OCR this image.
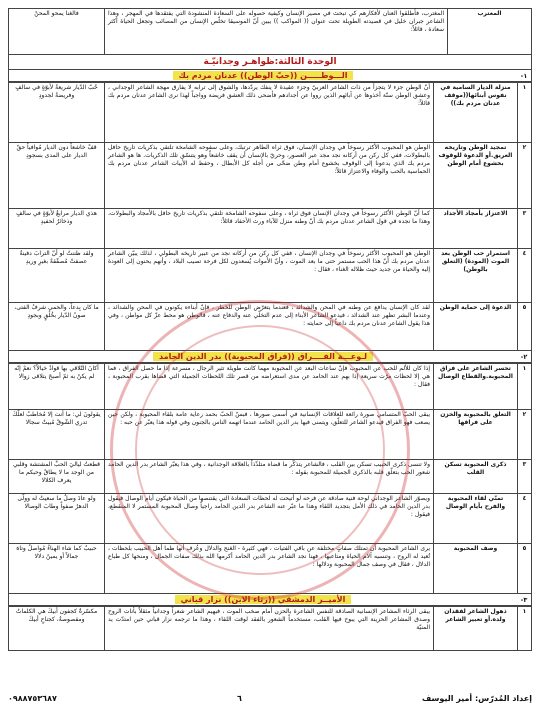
المغترب	المغترب، فأطلقوا العنان لأفكارهم كي تبحث في مصير الإنسان وكيفية حصوله على السعادة المنشودة التي يفتقدها في المهجر ، وهذا الشاعر جبران خليل في قصيدته الطويلة تحت عنوان (( المواكب )) يبين أنّ الموسيقا تخلّص الإنسان من المصائب وتجعل الحياة أكثر سعادة ، قائلاً:	فالغنا يمحو المحنْ
الوحدة الثالثة:ظواهـر وجدانيّـة
١-
الـــوطـــــن ((حبّ الوطن)) عدنان مردم بك
١	منزلة الديار السامية في نفوس أبنائها((موقف عدنان مردم بك))	أنّ الوطن جزء لا يتجزأ من ذات الشاعر العربيّ وجزء عقيدة لا ينفك يردّدها، والشوق إلى ترابه لا يفارق مهجة الشاعر الوجداني ، وعشق الوطن سنّة أخذوها عن آبائهم الذين رووا عن أجدادهم فأضحى ذلك العشق فريضة وواجباً لهذا نرى الشاعر عدنان مردم بك قائلاً:	حُبّ الدّيار شريعةٌ لأبوّةٍ في سالفٍ وفريضةٌ لجدودِ
٢	تمجيد الوطن وتاريخه العريق.أو الدعوة للوقوف بخشوع أمام الوطن	الوطن هو المحبوب الأكثر رسوخاً في وجدان الإنسان، فوق ثراه الطاهر ترتبك، وعلى سفوحه الشامخة تلتقي بذكريات تاريخ حافل بالبطولات، ففي كل ركن من أركانه نجد مجد عبر العصور، وحريّ بالإنسان أن يقف خاشعاً وهو يتنسّق تلك الذكريات. ها هو الشاعر مردم بك الذي يدعونا إلى الوقوف بخشوع أمام وطن ضحّى من أجله كل الأبطال ، وحفظ له الأبيات الشاعر عدنان مردم بك الحماسية بالحب والوفاء والاعتزاز قائلاً:	قفْ خاشعاً دون الديار مُوافياً حقّ الديار على المدى بسجودِ
٣	الاعتزاز بأمجاد الأجداد	كما أنّ الوطن الأكثر رسوخاً في وجدان الإنسان فوق ثراه ، وعلى سفوحه الشامخة تلتقي بذكريات تاريخ حافل بالأمجاد والبطولات، وهذا ما نجده في قول الشاعر عدنان مردم بك أنّ وطنه منزل للآباء ورث الأحفاد قائلاً:	هذي الديار مرابعٌ لأبوّةٍ في سالفٍ وذخائرٌ لحفيدِ
٤	استمرار حب الوطن بعد الموت (المودة) (التعلق بالوطن)	الوطن هو المحبوب الأكثر رسوخاً في وجدان الإنسان ، ففي كل ركن من أركانه نجد من عبير تاريخه البطولي ، لذلك يبيّن الشاعر عدنان مردم بك أنّ هذا الحب مستمر حتى ما بعد الموت ، وأنّ الأموات يُسعدون لكل فرحة تصيب البلاد ، وأنهم يحنون إلى العودة إليه والحياة من جديد حيث ظلاله الغناء ، فقال :	ولقد ظننتُ لو أنّ الترابَ دفينةٌ عصفتْ مُصفّقةً بغيرِ وريدِ
٥	الدعوة إلى حماية الوطن	لقد كان الإنسان يدافع عن وطنه في المحن والشدائد ، فعندما يتعرّض الوطن للخطر ، فإنّ أبناءه يكونون في المحن والشدائد ، وعندما البشر تظهر عند الشدائد ، فيدعو الشاعر الأبناء إلى عدم التخلّي عنه والدفاع عنه ، فالوطن هو محط عزّ كل مواطن ، وفي هذا يقول الشاعر عدنان مردم بك داعياً إلى حمايته :	ما كان بِدعاً، والحمى شرفُ الفتى، صونُ الدّيار بخُلُقٍ وبجودِ
٢-
لـوعـــة الفــــراق ((فراق المحبوبة)) بدر الدين الحامد
١	تحسر الشاعر على فراق المحبوبة.والقطاع الوصال	إذا كان للألم للحب عن المحبوب فإنّ ساعات البعد عن المحبوبة مهما كانت طويلة تثير الرجال ، مسرعة إذا ما حصل الفراق ، فما هي إلا لحظات مرّت سريعة إذا بهم عند الحامد عن مدى استعراضه من قصر تلك اللحظات الجميلة التي قضاها بقرب المحبوبة ، فقال :	أكانَ التّلاقي بها قوادُ خيالاً؟ نعمْ إنّه لم يكنْ به ثمّ أصبحَ يتلاقى زوالا
٢	التعلق بالمحبوبة والحزن على فراقها	يبقى الحبّ المتسامي صورة رائعة للعلاقات الإنسانية في أسمى صورها ، فبسّ الحبّ بحمد رعاية عامة بلقاء المحبوبة ، ولكن حين يصعب فهو الفراق فيدعو الشاعر للتعلّق، ويتمنى فيها بدر الدين الحامد عندما اتهمه الناس بالجنون وفي قوله هذا يعبّر عن حبه :	يقولونَ لي: ما أنت إلا مُخاطبٌ لعلّكَ تدري الشّوقُ مُبيتٌ سجالا
٣	ذكرى المحبوبة تسكن القلب	ولا تنسى ذكرى الحبيب تسكن بين القلب ، فالشاعر يتذكّر ما قضاه متلذّذاً بالعلاقة الوجدانية ، وفي هذا يعبّر الشاعر بدر الدين الحامد شعور الحب بتعلّق قلبه بالذكرى الجميلة للمحبوبة بقوله :	قطعتُ لياليَ الحبِّ المشتشة وقلبي من الوجد ما لا يطاقُ وحبكم ما يعرف الكلالا
٤	تمنّي لقاء المحبوبة والفرح بأيام الوصال	ويصوّر الشاعر الوجداني لوحة فنية صادقة عن فرحه لو أتيحت له لحظات السعادة التي يقتنصها من الحياة فيكون أيام الوصال فيقول بدر الدين الحامد في ذلك الأمل بتجديد اللقاء وهذا ما عبّر عنه الشاعر بدر الدين الحامد راجياً وصال المحبوبة المستمر لا المنقطع، فيقول :	ولو عادَ وصلٌ ما سعيتُ له وولّى الدهرُ صفواً وطابَ الوصالا
٥	وصف المحبوبة	يرى الشاعر المحبوبة أن تمتلك صفاتٍ مختلفة عن باقي الفتيات ، فهي كثيرة - الغنج والدلال وعُرف أنها ظما أهل الحبيب بلحظات ، تُعيد له الروح ، وتنسيه آلام الحياة ومتاعبها ، فهنا نجد الشاعر بدر الدين الحامد أكرمها الله بذلك صفات الجمال ، ومنحها كل طباع الدلال ، فقال في وصف جمال المحبوبة ودلالها :	حبيبٌ كما شاء الهناءُ مُواصلٌ وتاهَ جمالاً أو يمينٌ دلالا
٣-
الأميــر الدمشقي ((رثاء الابن)) نزار قباني
١	ذهول الشاعر لفقدان ولده.أو تعبير الشاعر	يبقى الرثاء المشاعر الإنسانية الصادقة للنفس الشاعرة بالحزن أمام صخب الموت ، فيهيم الشاعر شعراً وجدانياً مثقلاً بأنات الروح وصدق المشاعر الحزينة التي يبوح فيها القلب، مستخدماً الشعور بالفقد لوقت اللقاء ، وهذا ما ترجمه نزار قباني حين امتدّت يد المنيّة	مكسّرةٌ كجفون أبيكَ هي الكلماتُ ومقصوصةٌ، كجناحِ أبيكَ
إعداد المُدرّس: أمير اليوسف
٦
٠٩٨٨٧٥٣٦٨٧
